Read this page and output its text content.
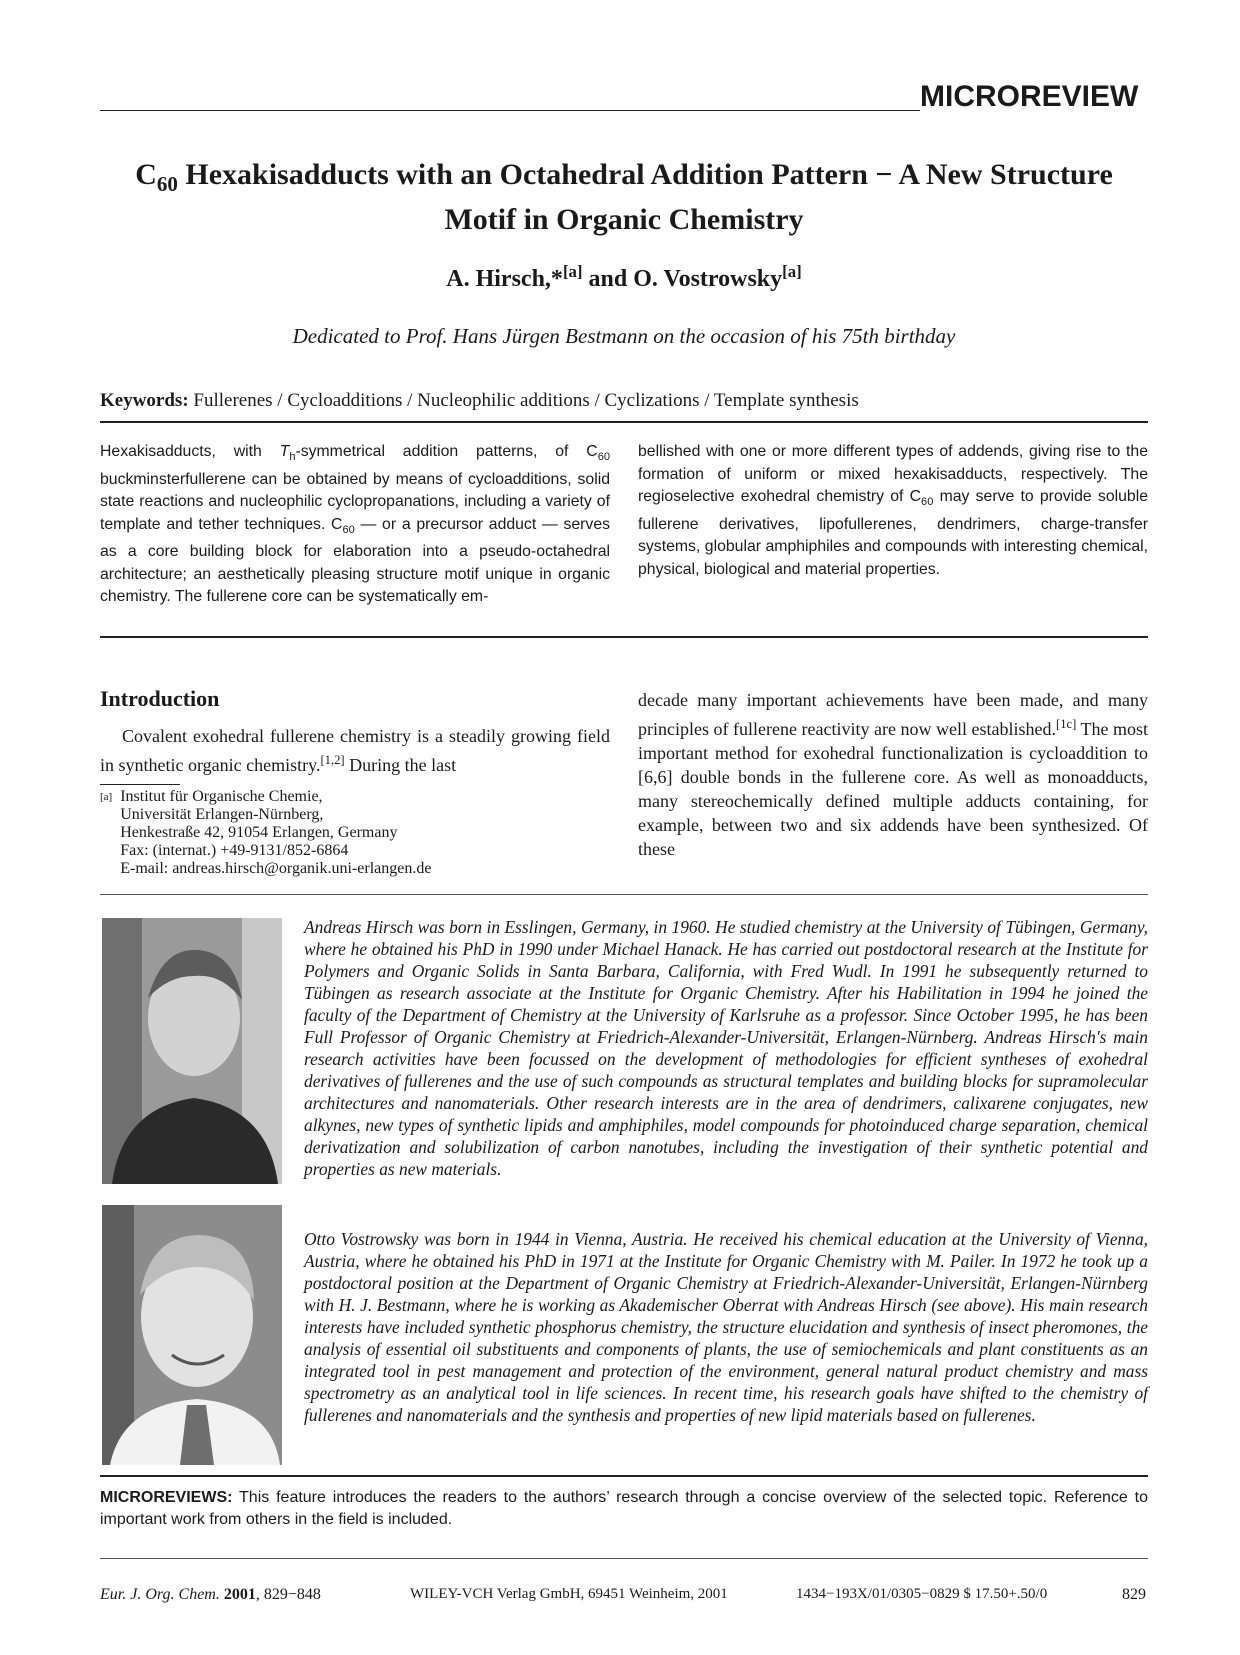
MICROREVIEW
$C_{60}$ Hexakisadducts with an Octahedral Addition Pattern − A New Structure Motif in Organic Chemistry
A. Hirsch,*[a] and O. Vostrowsky[a]
Dedicated to Prof. Hans Jürgen Bestmann on the occasion of his 75th birthday
Keywords: Fullerenes / Cycloadditions / Nucleophilic additions / Cyclizations / Template synthesis
Hexakisadducts, with $T_h$-symmetrical addition patterns, of $C_{60}$ buckminsterfullerene can be obtained by means of cycloadditions, solid state reactions and nucleophilic cyclopropanations, including a variety of template and tether techniques. $C_{60}$ — or a precursor adduct — serves as a core building block for elaboration into a pseudo-octahedral architecture; an aesthetically pleasing structure motif unique in organic chemistry. The fullerene core can be systematically em-
bellished with one or more different types of addends, giving rise to the formation of uniform or mixed hexakisadducts, respectively. The regioselective exohedral chemistry of $C_{60}$ may serve to provide soluble fullerene derivatives, lipofullerenes, dendrimers, charge-transfer systems, globular amphiphiles and compounds with interesting chemical, physical, biological and material properties.
Introduction
Covalent exohedral fullerene chemistry is a steadily growing field in synthetic organic chemistry.[1,2] During the last
[a] Institut für Organische Chemie,
Universität Erlangen-Nürnberg,
Henkestraße 42, 91054 Erlangen, Germany
Fax: (internat.) +49-9131/852-6864
E-mail: andreas.hirsch@organik.uni-erlangen.de
decade many important achievements have been made, and many principles of fullerene reactivity are now well established.[1c] The most important method for exohedral functionalization is cycloaddition to [6,6] double bonds in the fullerene core. As well as monoadducts, many stereochemically defined multiple adducts containing, for example, between two and six addends have been synthesized. Of these
Andreas Hirsch was born in Esslingen, Germany, in 1960. He studied chemistry at the University of Tübingen, Germany, where he obtained his PhD in 1990 under Michael Hanack. He has carried out postdoctoral research at the Institute for Polymers and Organic Solids in Santa Barbara, California, with Fred Wudl. In 1991 he subsequently returned to Tübingen as research associate at the Institute for Organic Chemistry. After his Habilitation in 1994 he joined the faculty of the Department of Chemistry at the University of Karlsruhe as a professor. Since October 1995, he has been Full Professor of Organic Chemistry at Friedrich-Alexander-Universität, Erlangen-Nürnberg. Andreas Hirsch's main research activities have been focussed on the development of methodologies for efficient syntheses of exohedral derivatives of fullerenes and the use of such compounds as structural templates and building blocks for supramolecular architectures and nanomaterials. Other research interests are in the area of dendrimers, calixarene conjugates, new alkynes, new types of synthetic lipids and amphiphiles, model compounds for photoinduced charge separation, chemical derivatization and solubilization of carbon nanotubes, including the investigation of their synthetic potential and properties as new materials.
Otto Vostrowsky was born in 1944 in Vienna, Austria. He received his chemical education at the University of Vienna, Austria, where he obtained his PhD in 1971 at the Institute for Organic Chemistry with M. Pailer. In 1972 he took up a postdoctoral position at the Department of Organic Chemistry at Friedrich-Alexander-Universität, Erlangen-Nürnberg with H. J. Bestmann, where he is working as Akademischer Oberrat with Andreas Hirsch (see above). His main research interests have included synthetic phosphorus chemistry, the structure elucidation and synthesis of insect pheromones, the analysis of essential oil substituents and components of plants, the use of semiochemicals and plant constituents as an integrated tool in pest management and protection of the environment, general natural product chemistry and mass spectrometry as an analytical tool in life sciences. In recent time, his research goals have shifted to the chemistry of fullerenes and nanomaterials and the synthesis and properties of new lipid materials based on fullerenes.
MICROREVIEWS: This feature introduces the readers to the authors’ research through a concise overview of the selected topic. Reference to important work from others in the field is included.
Eur. J. Org. Chem. 2001, 829−848	WILEY-VCH Verlag GmbH, 69451 Weinheim, 2001	1434−193X/01/0305−0829 $ 17.50+.50/0	829
